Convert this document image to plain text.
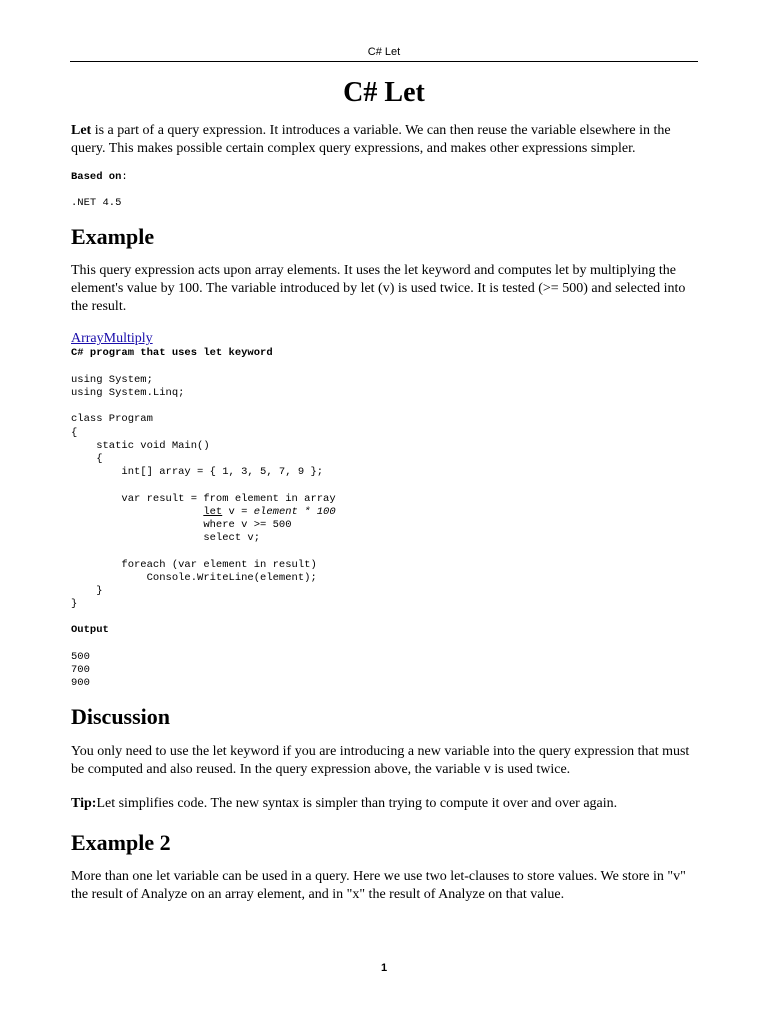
C# Let
C# Let

Let is a part of a query expression. It introduces a variable. We can then reuse the variable elsewhere in the query. This makes possible certain complex query expressions, and makes other expressions simpler.

Based on:

.NET 4.5
Example

This query expression acts upon array elements. It uses the let keyword and computes let by multiplying the element's value by 100. The variable introduced by let (v) is used twice. It is tested (>= 500) and selected into the result.

ArrayMultiply
C# program that uses let keyword

using System;
using System.Linq;

class Program
{
static void Main()
{
int[] array = { 1, 3, 5, 7, 9 };

var result = from element in array
let v = element * 100
where v >= 500
select v;

foreach (var element in result)
Console.WriteLine(element);
}
}
Output

500
700
900
Discussion

You only need to use the let keyword if you are introducing a new variable into the query expression that must be computed and also reused. In the query expression above, the variable v is used twice.

Tip:Let simplifies code. The new syntax is simpler than trying to compute it over and over again.

Example 2

More than one let variable can be used in a query. Here we use two let-clauses to store values. We store in "v" the result of Analyze on an array element, and in "x" the result of Analyze on that value.

1
